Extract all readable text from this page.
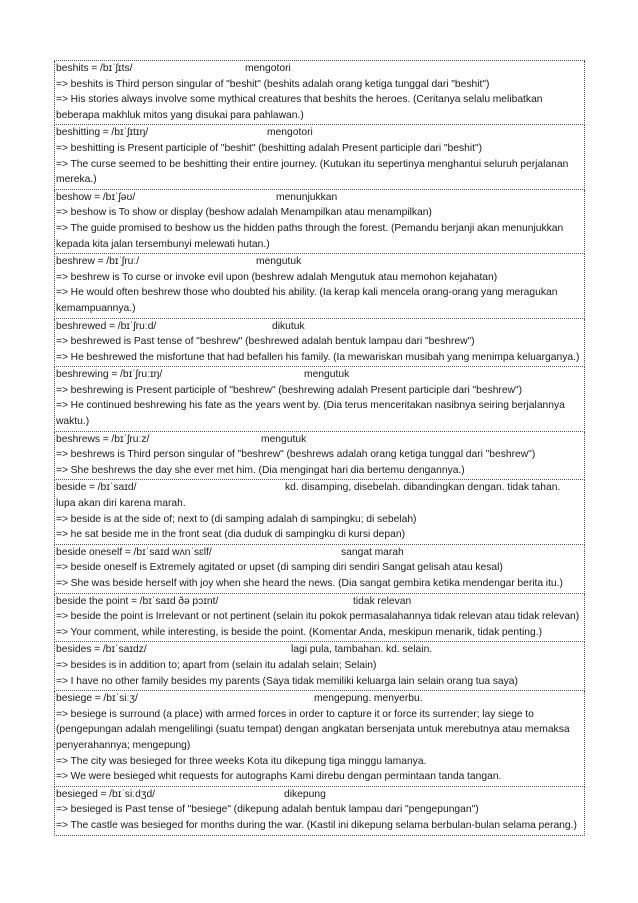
beshits = /bɪˈʃɪts/	mengotori
=> beshits is Third person singular of "beshit" (beshits adalah orang ketiga tunggal dari "beshit")
=> His stories always involve some mythical creatures that beshits the heroes. (Ceritanya selalu melibatkan beberapa makhluk mitos yang disukai para pahlawan.)
beshitting = /bɪˈʃɪtɪŋ/	mengotori
=> beshitting is Present participle of "beshit" (beshitting adalah Present participle dari "beshit")
=> The curse seemed to be beshitting their entire journey. (Kutukan itu sepertinya menghantui seluruh perjalanan mereka.)
beshow = /bɪˈʃəʊ/	menunjukkan
=> beshow is To show or display (beshow adalah Menampilkan atau menampilkan)
=> The guide promised to beshow us the hidden paths through the forest. (Pemandu berjanji akan menunjukkan kepada kita jalan tersembunyi melewati hutan.)
beshrew = /bɪˈʃruː/	mengutuk
=> beshrew is To curse or invoke evil upon (beshrew adalah Mengutuk atau memohon kejahatan)
=> He would often beshrew those who doubted his ability. (Ia kerap kali mencela orang-orang yang meragukan kemampuannya.)
beshrewed = /bɪˈʃruːd/	dikutuk
=> beshrewed is Past tense of "beshrew" (beshrewed adalah bentuk lampau dari "beshrew")
=> He beshrewed the misfortune that had befallen his family. (Ia mewariskan musibah yang menimpa keluarganya.)
beshrewing = /bɪˈʃruːɪŋ/	mengutuk
=> beshrewing is Present participle of "beshrew" (beshrewing adalah Present participle dari "beshrew")
=> He continued beshrewing his fate as the years went by. (Dia terus menceritakan nasibnya seiring berjalannya waktu.)
beshrews = /bɪˈʃruːz/	mengutuk
=> beshrews is Third person singular of "beshrew" (beshrews adalah orang ketiga tunggal dari "beshrew")
=> She beshrews the day she ever met him. (Dia mengingat hari dia bertemu dengannya.)
beside = /bɪˈsaɪd/	kd. disamping, disebelah. dibandingkan dengan. tidak tahan.
lupa akan diri karena marah.
=> beside is at the side of; next to (di samping adalah di sampingku; di sebelah)
=> he sat beside me in the front seat (dia duduk di sampingku di kursi depan)
beside oneself = /bɪˈsaɪd wʌnˈsɛlf/	sangat marah
=> beside oneself is Extremely agitated or upset (di samping diri sendiri Sangat gelisah atau kesal)
=> She was beside herself with joy when she heard the news. (Dia sangat gembira ketika mendengar berita itu.)
beside the point = /bɪˈsaɪd ðə pɔɪnt/	tidak relevan
=> beside the point is Irrelevant or not pertinent (selain itu pokok permasalahannya tidak relevan atau tidak relevan)
=> Your comment, while interesting, is beside the point. (Komentar Anda, meskipun menarik, tidak penting.)
besides = /bɪˈsaɪdz/	lagi pula, tambahan. kd. selain.
=> besides is in addition to; apart from (selain itu adalah selain; Selain)
=> I have no other family besides my parents (Saya tidak memiliki keluarga lain selain orang tua saya)
besiege = /bɪˈsiːʒ/	mengepung. menyerbu.
=> besiege is surround (a place) with armed forces in order to capture it or force its surrender; lay siege to (pengepungan adalah mengelilingi (suatu tempat) dengan angkatan bersenjata untuk merebutnya atau memaksa penyerahannya; mengepung)
=> The city was besieged for three weeks Kota itu dikepung tiga minggu lamanya.
=> We were besieged whit requests for autographs Kami direbu dengan permintaan tanda tangan.
besieged = /bɪˈsiːdʒd/	dikepung
=> besieged is Past tense of "besiege" (dikepung adalah bentuk lampau dari "pengepungan")
=> The castle was besieged for months during the war. (Kastil ini dikepung selama berbulan-bulan selama perang.)
